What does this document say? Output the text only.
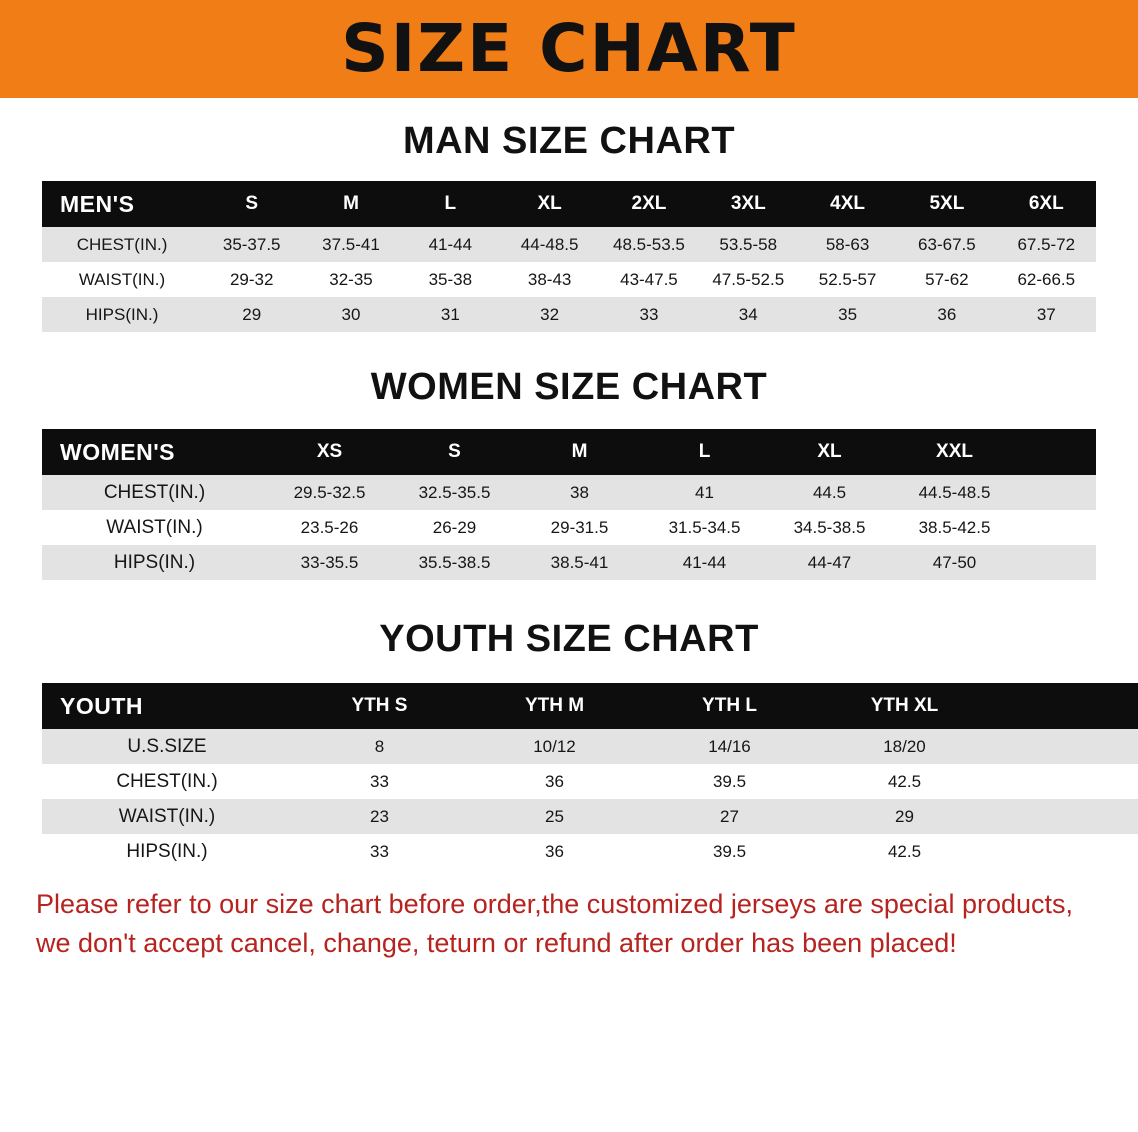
SIZE CHART
MAN SIZE CHART
MEN'S	S	M	L	XL	2XL	3XL	4XL	5XL	6XL
CHEST(IN.)	35-37.5	37.5-41	41-44	44-48.5	48.5-53.5	53.5-58	58-63	63-67.5	67.5-72
WAIST(IN.)	29-32	32-35	35-38	38-43	43-47.5	47.5-52.5	52.5-57	57-62	62-66.5
HIPS(IN.)	29	30	31	32	33	34	35	36	37
WOMEN SIZE CHART
WOMEN'S	XS	S	M	L	XL	XXL	
CHEST(IN.)	29.5-32.5	32.5-35.5	38	41	44.5	44.5-48.5	
WAIST(IN.)	23.5-26	26-29	29-31.5	31.5-34.5	34.5-38.5	38.5-42.5	
HIPS(IN.)	33-35.5	35.5-38.5	38.5-41	41-44	44-47	47-50	
YOUTH SIZE CHART
YOUTH	YTH S	YTH M	YTH L	YTH XL		
U.S.SIZE	8	10/12	14/16	18/20		
CHEST(IN.)	33	36	39.5	42.5		
WAIST(IN.)	23	25	27	29		
HIPS(IN.)	33	36	39.5	42.5		
Please refer to our size chart before order,the customized jerseys are special products,
we don't accept cancel, change, teturn or refund after order has been placed!
